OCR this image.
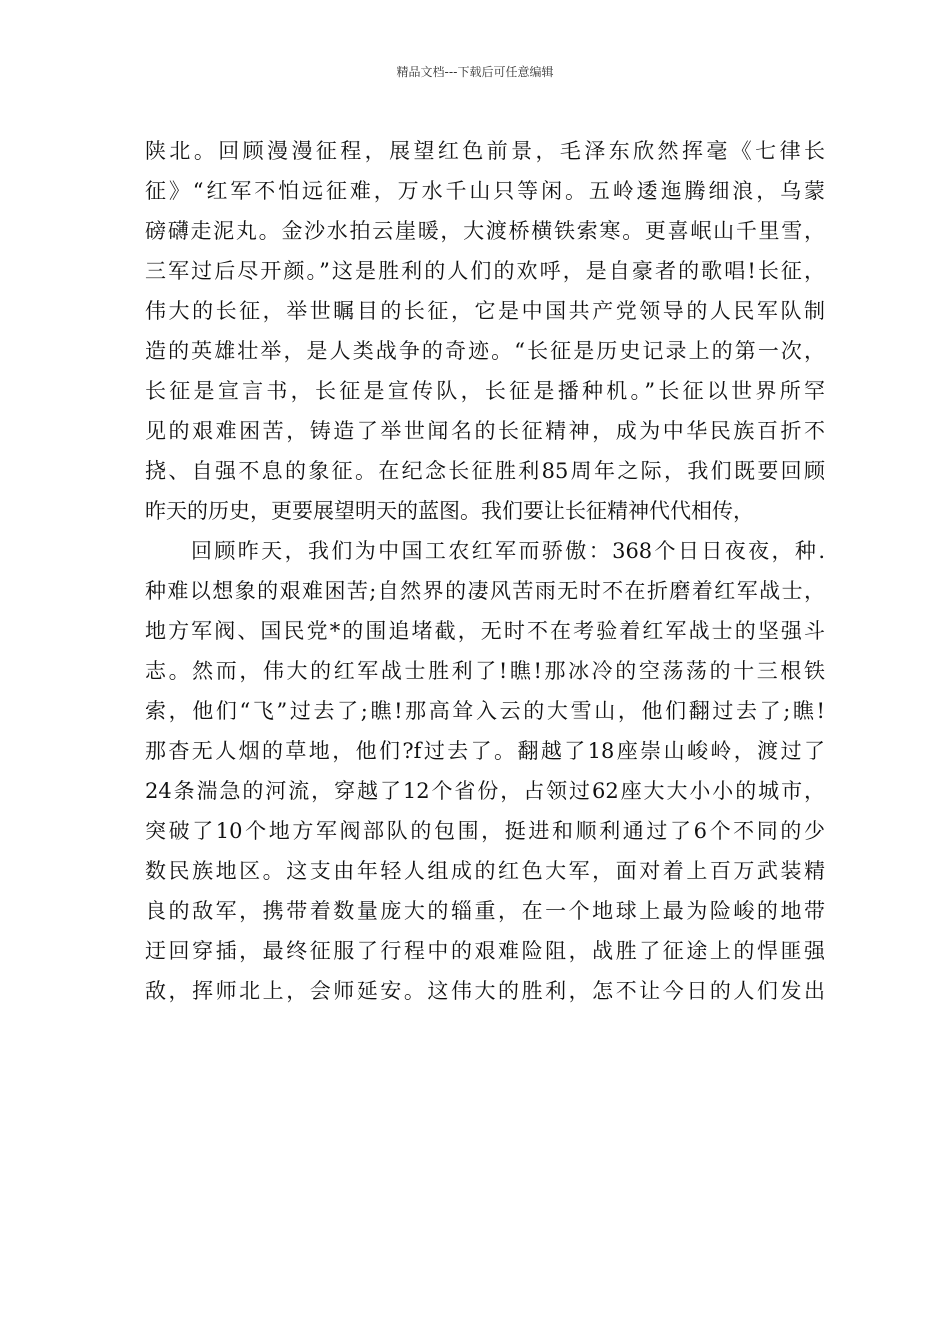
精品文档---下载后可任意编辑
陕北。回顾漫漫征程，展望红色前景，毛泽东欣然挥毫《七律长
征》“红军不怕远征难，万水千山只等闲。五岭逶迤腾细浪，乌蒙
磅礴走泥丸。金沙水拍云崖暖，大渡桥横铁索寒。更喜岷山千里雪，
三军过后尽开颜。”这是胜利的人们的欢呼，是自豪者的歌唱!长征，
伟大的长征，举世瞩目的长征，它是中国共产党领导的人民军队制
造的英雄壮举，是人类战争的奇迹。“长征是历史记录上的第一次，
长征是宣言书，长征是宣传队，长征是播种机。”长征以世界所罕
见的艰难困苦，铸造了举世闻名的长征精神，成为中华民族百折不
挠、自强不息的象征。在纪念长征胜利85周年之际，我们既要回顾
昨天的历史，更要展望明天的蓝图。我们要让长征精神代代相传，
回顾昨天，我们为中国工农红军而骄傲：368个日日夜夜，种.
种难以想象的艰难困苦;自然界的凄风苦雨无时不在折磨着红军战士，
地方军阀、国民党*的围追堵截，无时不在考验着红军战士的坚强斗
志。然而，伟大的红军战士胜利了!瞧!那冰冷的空荡荡的十三根铁
索，他们“飞”过去了;瞧!那高耸入云的大雪山，他们翻过去了;瞧!
那杳无人烟的草地，他们?f过去了。翻越了18座崇山峻岭，渡过了
24条湍急的河流，穿越了12个省份，占领过62座大大小小的城市，
突破了10个地方军阀部队的包围，挺进和顺利通过了6个不同的少
数民族地区。这支由年轻人组成的红色大军，面对着上百万武装精
良的敌军，携带着数量庞大的辎重，在一个地球上最为险峻的地带
迂回穿插，最终征服了行程中的艰难险阻，战胜了征途上的悍匪强
敌，挥师北上，会师延安。这伟大的胜利，怎不让今日的人们发出
